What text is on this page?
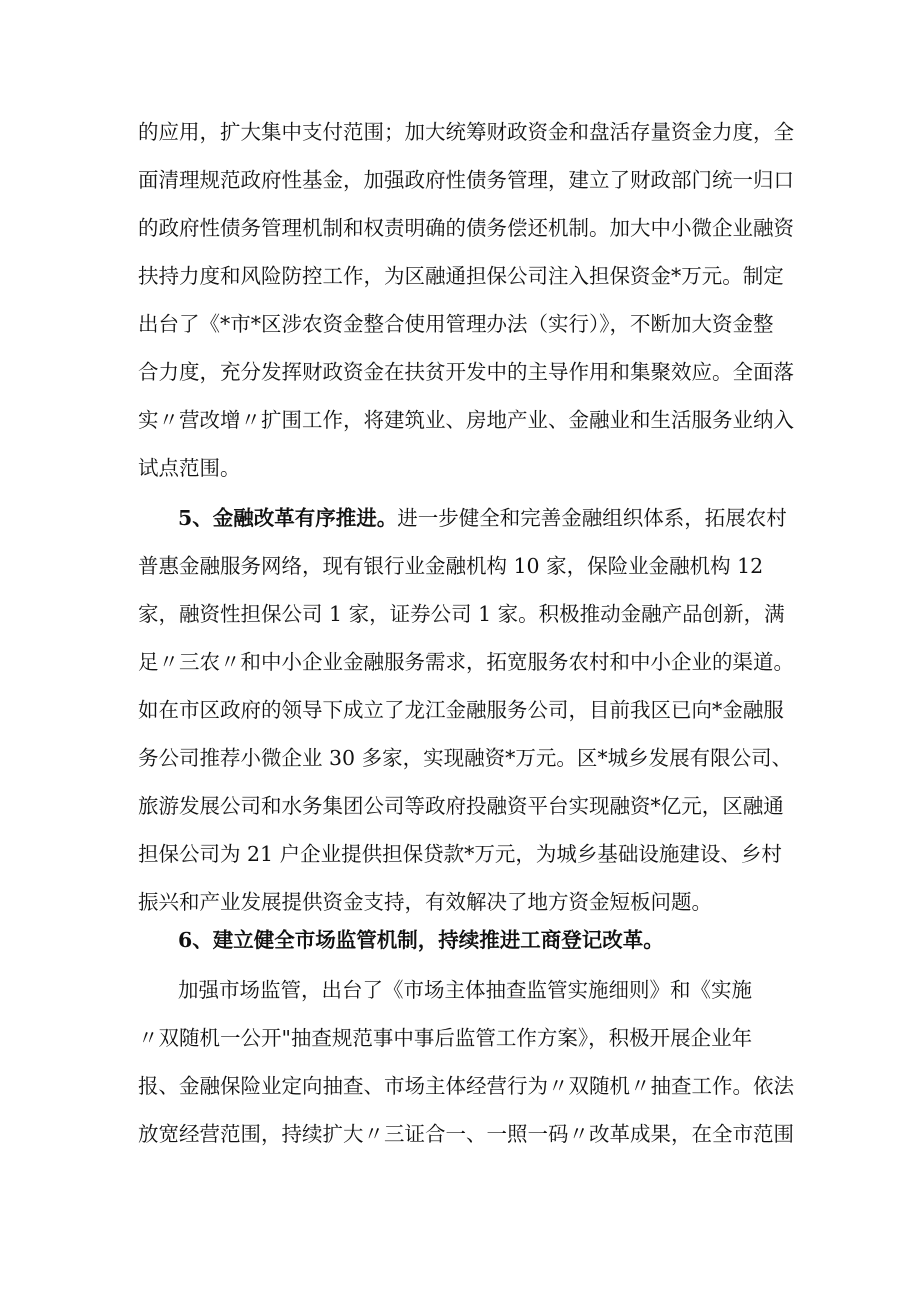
的应用，扩大集中支付范围；加大统筹财政资金和盘活存量资金力度，全
面清理规范政府性基金，加强政府性债务管理，建立了财政部门统一归口
的政府性债务管理机制和权责明确的债务偿还机制。加大中小微企业融资
扶持力度和风险防控工作，为区融通担保公司注入担保资金*万元。制定
出台了《*市*区涉农资金整合使用管理办法（实行）》，不断加大资金整
合力度，充分发挥财政资金在扶贫开发中的主导作用和集聚效应。全面落
实〃营改增〃扩围工作，将建筑业、房地产业、金融业和生活服务业纳入
试点范围。
5、金融改革有序推进。进一步健全和完善金融组织体系，拓展农村
普惠金融服务网络，现有银行业金融机构 10 家，保险业金融机构 12
家，融资性担保公司 1 家，证券公司 1 家。积极推动金融产品创新，满
足〃三农〃和中小企业金融服务需求，拓宽服务农村和中小企业的渠道。
如在市区政府的领导下成立了龙江金融服务公司，目前我区已向*金融服
务公司推荐小微企业 30 多家，实现融资*万元。区*城乡发展有限公司、
旅游发展公司和水务集团公司等政府投融资平台实现融资*亿元，区融通
担保公司为 21 户企业提供担保贷款*万元，为城乡基础设施建设、乡村
振兴和产业发展提供资金支持，有效解决了地方资金短板问题。
6、建立健全市场监管机制，持续推进工商登记改革。
加强市场监管，出台了《市场主体抽查监管实施细则》和《实施
〃双随机一公开"抽查规范事中事后监管工作方案》，积极开展企业年
报、金融保险业定向抽查、市场主体经营行为〃双随机〃抽查工作。依法
放宽经营范围，持续扩大〃三证合一、一照一码〃改革成果，在全市范围
